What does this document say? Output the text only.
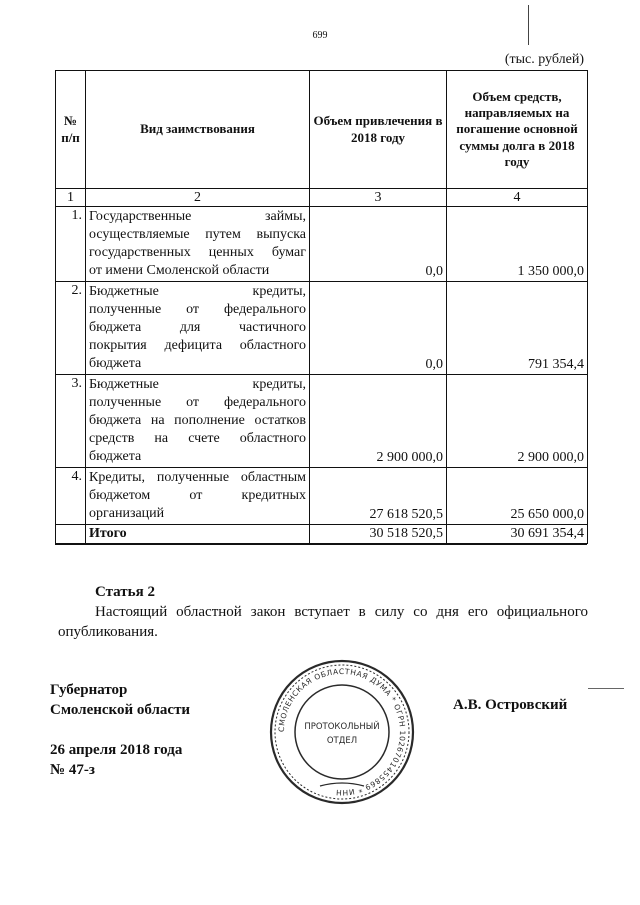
699
(тыс. рублей)
№ п/п	Вид заимствования	Объем привлечения в 2018 году	Объем средств, направляемых на погашение основной суммы долга в 2018 году
1	2	3	4
1.	Государственные займы,
осуществляемые путем выпуска
государственных ценных бумаг
от имени Смоленской области	0,0	1 350 000,0
2.	Бюджетные кредиты,
полученные от федерального
бюджета для частичного
покрытия дефицита областного
бюджета	0,0	791 354,4
3.	Бюджетные кредиты,
полученные от федерального
бюджета на пополнение остатков
средств на счете областного
бюджета	2 900 000,0	2 900 000,0
4.	Кредиты, полученные областным
бюджетом от кредитных
организаций	27 618 520,5	25 650 000,0
	Итого	30 518 520,5	30 691 354,4
Статья 2
Настоящий областной закон вступает в силу со дня его официального опубликования.
Губернатор
Смоленской области	А.В. Островский
26 апреля 2018 года
№ 47-з
СМОЛЕНСКАЯ ОБЛАСТНАЯ ДУМА * ОГРН 1026701455869 * ИНН
ПРОТОКОЛЬНЫЙ
ОТДЕЛ
